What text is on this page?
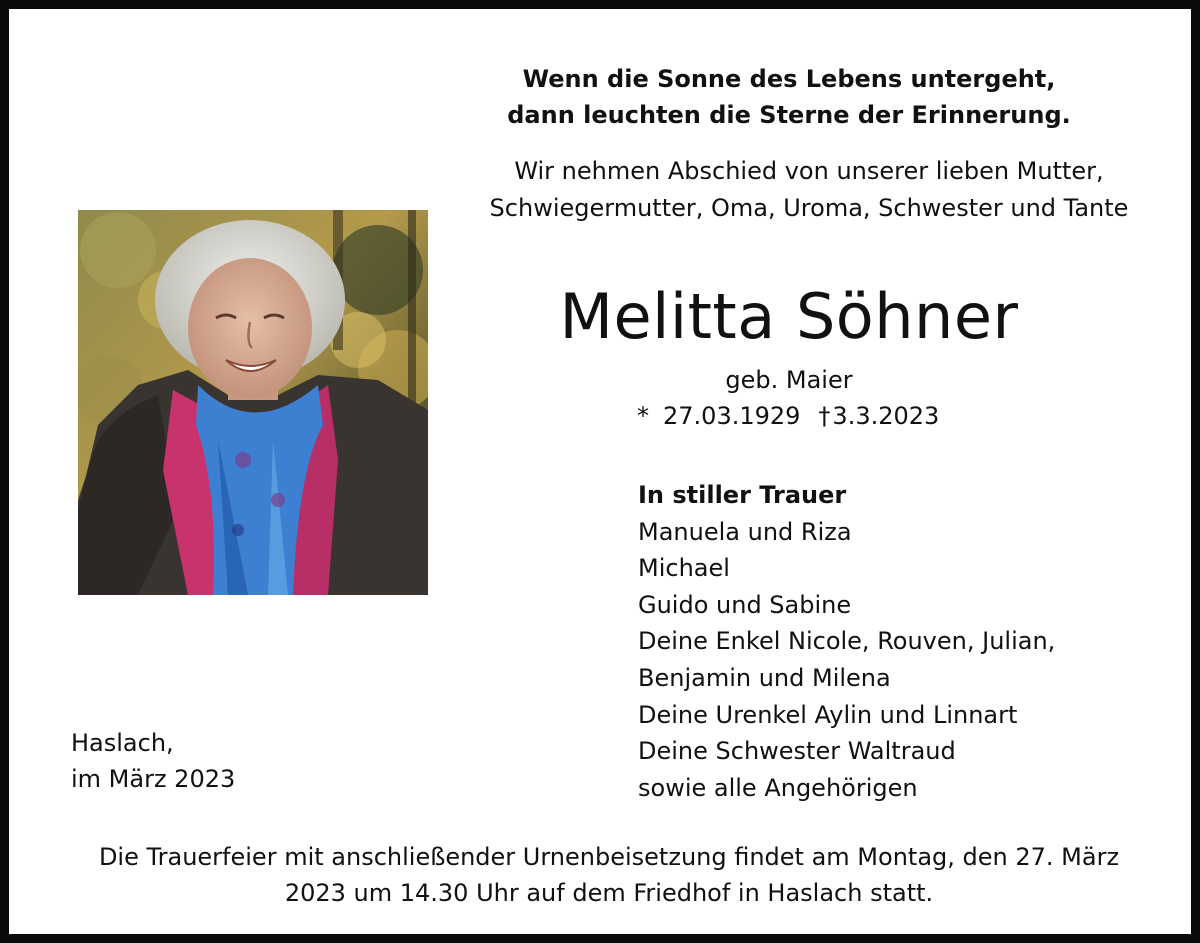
Wenn die Sonne des Lebens untergeht,
dann leuchten die Sterne der Erinnerung.
Wir nehmen Abschied von unserer lieben Mutter,
Schwiegermutter, Oma, Uroma, Schwester und Tante
Melitta Söhner
geb. Maier
* 27.03.1929 †3.3.2023
In stiller Trauer
Manuela und Riza
Michael
Guido und Sabine
Deine Enkel Nicole, Rouven, Julian,
Benjamin und Milena
Deine Urenkel Aylin und Linnart
Deine Schwester Waltraud
sowie alle Angehörigen
Haslach,
im März 2023
Die Trauerfeier mit anschließender Urnenbeisetzung findet am Montag, den 27. März
2023 um 14.30 Uhr auf dem Friedhof in Haslach statt.
